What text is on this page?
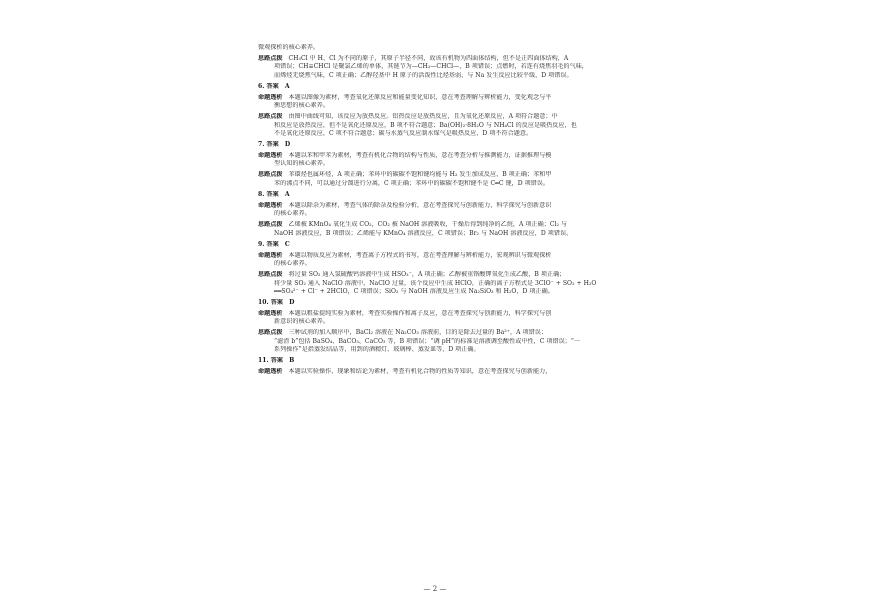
微观探析的核心素养。
思路点拨 CH₃Cl 中 H、Cl 为不同的原子，其原子半径不同，故该有机物为四面体结构，但不是正四面体结构，A
项错误；CH≡CHCl 是聚氯乙烯的单体，其链节为—CH₂—CHCl—，B 项错误；点燃时，若连有烧焦羽毛的气味，
而烯烃无烧焦气味，C 项正确；乙醇羟基中 H 原子的活泼性比烃基弱，与 Na 发生反应比较平缓，D 项错误。
6. 答案　A
命题透析 本题以图像为素材，考查氧化还原反应和能量变化知识，意在考查理解与辨析能力，变化观念与平
衡思想的核心素养。
思路点拨 由图中曲线可知，该反应为放热反应。铝热反应是放热反应，且为氧化还原反应，A 项符合题意；中
和反应是放热反应，但不是氧化还原反应，B 项不符合题意；Ba(OH)₂·8H₂O 与 NH₄Cl 的反应是吸热反应，也
不是氧化还原反应，C 项不符合题意；碳与水蒸气反应制水煤气是吸热反应，D 项不符合题意。
7. 答案　D
命题透析 本题以苯和甲苯为素材，考查有机化合物的结构与性质，意在考查分析与推测能力，证据推理与模
型认知的核心素养。
思路点拨 苯環烃也属环烃，A 项正确；苯环中的碳碳不饱和键均能与 H₂ 发生加成反应，B 项正确；苯和甲
苯的沸点不同，可以通过分馏进行分离，C 项正确；苯环中的碳碳不饱和键不是 C═C 键，D 项错误。
8. 答案　A
命题透析 本题以除杂为素材，考查气体的除杂及检验分析，意在考查探究与创新能力，科学探究与创新意识
的核心素养。
思路点拨 乙烯被 KMnO₄ 氧化生成 CO₂，CO₂ 被 NaOH 溶液吸收，干燥后得到纯净的乙烷，A 项正确；Cl₂ 与
NaOH 溶液反应，B 项错误；乙烯能与 KMnO₄ 溶液反应，C 项错误；Br₂ 与 NaOH 溶液反应，D 项错误。
9. 答案　C
命题透析 本题以物质反应为素材，考查离子方程式的书写，意在考查理解与辨析能力，宏观辨识与微观探析
的核心素养。
思路点拨 将过量 SO₂ 通入氢硫酸钙溶液中生成 HSO₃⁻，A 项正确；乙醇被重铬酸钾氧化生成乙酸，B 项正确；
将少量 SO₂ 通入 NaClO 溶液中，NaClO 过量，该个反应中生成 HClO，正确的离子方程式是 3ClO⁻ + SO₂ + H₂O
══SO₄²⁻ + Cl⁻ + 2HClO，C 项错误；SiO₂ 与 NaOH 溶液反应生成 Na₂SiO₃ 和 H₂O，D 项正确。
10. 答案　D
命题透析 本题以粗盐提纯实验为素材，考查实验操作和离子反应，意在考查探究与创新能力，科学探究与创
新意识的核心素养。
思路点拨 三种试剂的加入顺序中，BaCl₂ 溶液在 Na₂CO₃ 溶液前，目的是除去过量的 Ba²⁺，A 项错误；
“滤渣 b”包括 BaSO₄、BaCO₃、CaCO₃ 等，B 项错误；“调 pH”的标准是溶液调至酸性或中性，C 项错误；“一
系列操作”是指蒸发结晶等，用到的酒精灯、玻璃棒、蒸发皿等，D 项正确。
11. 答案　B
命题透析 本题以实验操作、现象和结论为素材，考查有机化合物的性质等知识，意在考查探究与创新能力，
— 2 —
